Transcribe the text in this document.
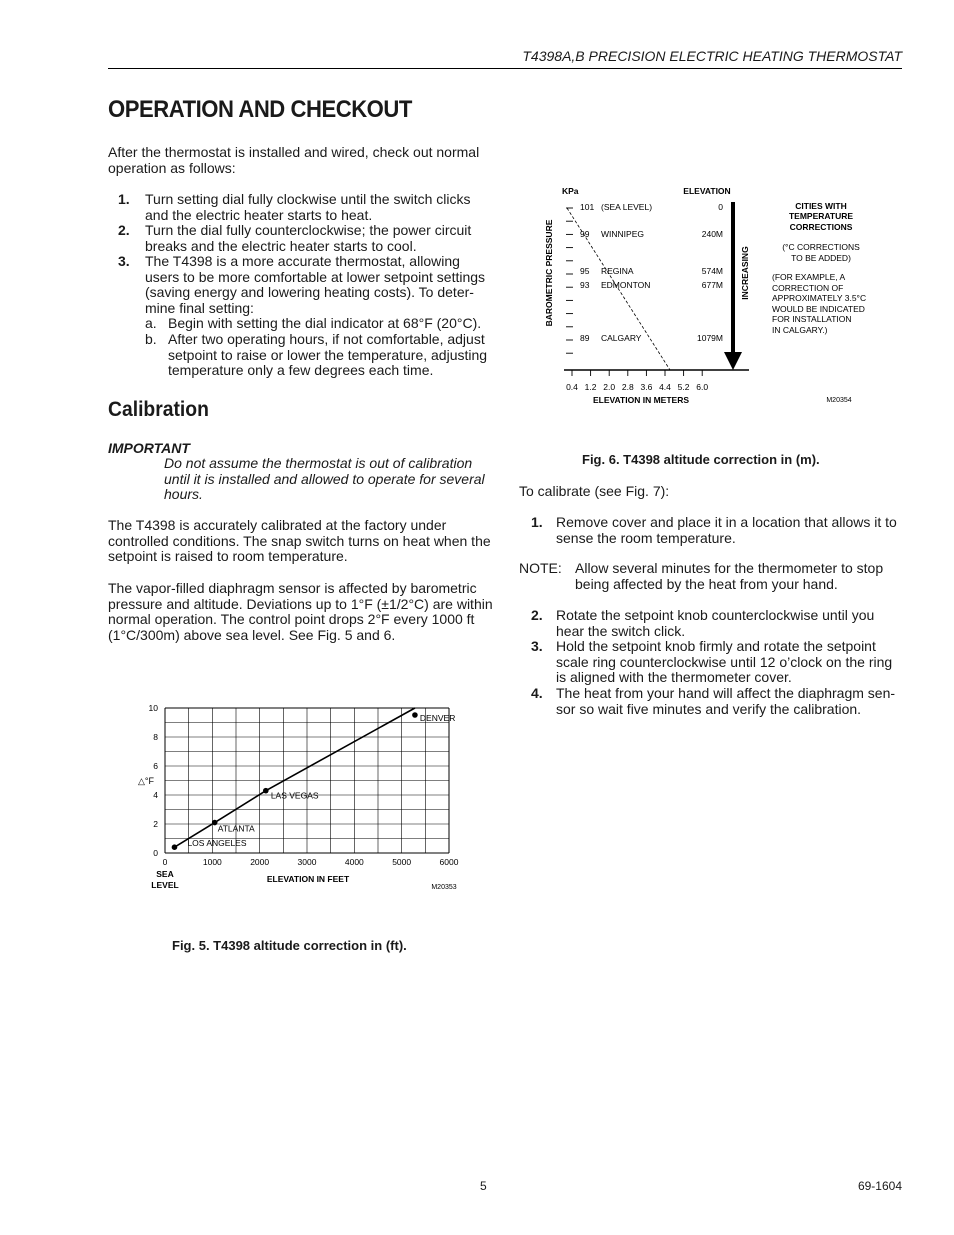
T4398A,B PRECISION ELECTRIC HEATING THERMOSTAT
OPERATION AND CHECKOUT
After the thermostat is installed and wired, check out normal
operation as follows:
1. Turn setting dial fully clockwise until the switch clicks
and the electric heater starts to heat.
2. Turn the dial fully counterclockwise; the power circuit
breaks and the electric heater starts to cool.
3. The T4398 is a more accurate thermostat, allowing
users to be more comfortable at lower setpoint settings
(saving energy and lowering heating costs). To deter-
mine final setting:
a. Begin with setting the dial indicator at 68°F (20°C).
b. After two operating hours, if not comfortable, adjust
setpoint to raise or lower the temperature, adjusting
temperature only a few degrees each time.
Calibration
IMPORTANT
Do not assume the thermostat is out of calibration
until it is installed and allowed to operate for several
hours.
The T4398 is accurately calibrated at the factory under
controlled conditions. The snap switch turns on heat when the
setpoint is raised to room temperature.
The vapor-filled diaphragm sensor is affected by barometric
pressure and altitude. Deviations up to 1°F (±1/2°C) are within
normal operation. The control point drops 2°F every 1000 ft
(1°C/300m) above sea level. See Fig. 5 and 6.
0	1000	2000	3000	4000	5000	6000
0
2
4
6
8
10
LOS ANGELES
ATLANTA
LAS VEGAS
DENVER
△°F
SEA
LEVEL
ELEVATION IN FEET
M20353
Fig. 5. T4398 altitude correction in (ft).
KPa	ELEVATION
BAROMETRIC PRESSURE
101 (SEA LEVEL)	0
99 WINNIPEG	240M
95 REGINA	574M
93 EDMONTON	677M
89 CALGARY	1079M
INCREASING
0.4 1.2 2.0 2.8 3.6 4.4 5.2 6.0
ELEVATION IN METERS	M20354
CITIES WITH
TEMPERATURE
CORRECTIONS
(°C CORRECTIONS
TO BE ADDED)
(FOR EXAMPLE, A
CORRECTION OF
APPROXIMATELY 3.5°C
WOULD BE INDICATED
FOR INSTALLATION
IN CALGARY.)
Fig. 6. T4398 altitude correction in (m).
To calibrate (see Fig. 7):
1. Remove cover and place it in a location that allows it to
sense the room temperature.
NOTE: Allow several minutes for the thermometer to stop
being affected by the heat from your hand.
2. Rotate the setpoint knob counterclockwise until you
hear the switch click.
3. Hold the setpoint knob firmly and rotate the setpoint
scale ring counterclockwise until 12 o’clock on the ring
is aligned with the thermometer cover.
4. The heat from your hand will affect the diaphragm sen-
sor so wait five minutes and verify the calibration.
5	69-1604
